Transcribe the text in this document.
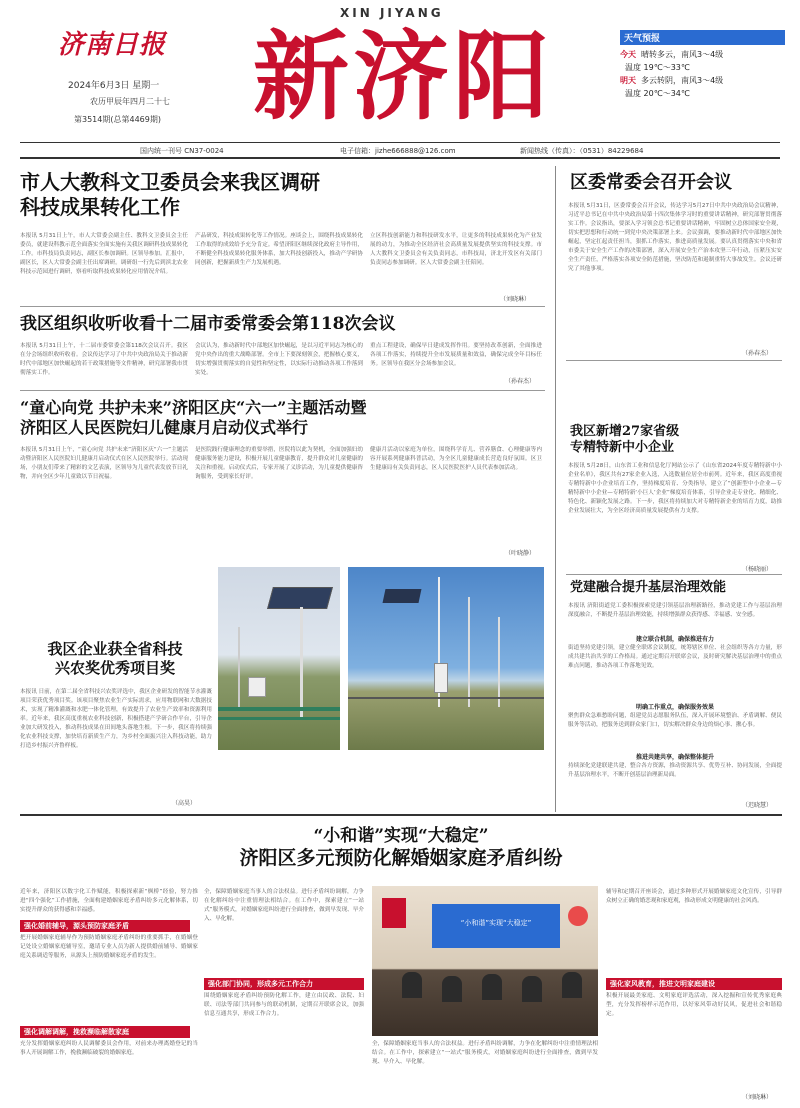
济南日报
2024年6月3日 星期一
农历甲辰年四月二十七
第3514期(总第4469期)
XIN JIYANG
新济阳	天气预报
今天 晴转多云，南风3～4级
温度 19℃～33℃
明天 多云转阴，南风3～4级
温度 20℃～34℃
国内统一刊号 CN37-0024	电子信箱：jizhe666888@126.com	新闻热线（传真）：（0531）84229684
市人大教科文卫委员会来我区调研
科技成果转化工作
本报讯 5月31日上午，市人大常委会副主任、教科文卫委员会主任委员，就建设科教示范全面落实全面实施有关我区调研科技成果转化工作。市科技局负责同志，副区长参加调研。区领导参加。汇报中，副区长，区人大常委会副主任出席调研。调研组一行先后到滨北农业科技示范园进行调研，察看听取科技成果转化应用情况介绍。
产品研发，科技成果转化等工作情况。座谈会上，围绕科技成果转化工作取得的成效给予充分肯定。希望济阳区继续深化政府主导作用，不断健全科技成果转化服务体系，加大科技创新投入，推动产学研协同创新，把握新质生产力发展机遇。
立区科技创新能力和科技研发水平，让更多的科技成果转化为产业发展的动力，为推动全区经济社会高质量发展提供坚实的科技支撑。市人大教科文卫委员会有关负责同志，市科技局，济北开发区有关部门负责同志参加调研。区人大常委会副主任陪同。
（刘晓琳）
我区组织收听收看十二届市委常委会第118次会议
本报讯 5月31日上午，十二届市委常委会第118次会议召开。我区在分会场组织收听收看。会议传达学习了中共中央政治局关于推动新时代中部地区加快崛起的若干政策措施等文件精神，研究部署我市贯彻落实工作。
会议认为，推动新时代中部地区加快崛起，是以习近平同志为核心的党中央作出的重大战略部署。全市上下要深刻领会，把握核心要义，切实增强贯彻落实的自觉性和坚定性，以实际行动推动各项工作落到实处。
重点工程建设，确保早日建成发挥作用。要坚持改革创新，全面推进各项工作落实，持续提升全市发展质量和效益，确保完成全年目标任务。区领导在我区分会场参加会议。
（孙春杰）
“童心向党 共护未来”济阳区庆“六一”主题活动暨
济阳区人民医院妇儿健康月启动仪式举行
本报讯 5月31日上午，“童心向党 共护未来”济阳区庆“六一”主题活动暨济阳区人民医院妇儿健康月启动仪式在区人民医院举行。活动现场，小朋友们带来了精彩的文艺表演，区领导为儿童代表发放节日礼物，并向全区少年儿童致以节日祝福。
是医院践行健康理念的重要举措，医院将以此为契机，全面加强妇幼健康服务能力建设，积极开展儿童健康教育，提升群众对儿童健康的关注和重视。启动仪式后，专家开展了义诊活动，为儿童提供健康咨询服务，受到家长好评。
健康月活动以家庭为单位，围绕科学育儿、营养膳食、心理健康等内容开展系列健康科普活动，为全区儿童健康成长营造良好氛围。区卫生健康局有关负责同志，区人民医院医护人员代表参加活动。
（叶晓静）
我区企业获全省科技
兴农奖优秀项目奖
本报讯 日前，在第二届全省科技兴农奖评选中，我区企业研发的智能节水灌溉项目荣获优秀项目奖。该项目聚焦农业生产实际需求，应用物联网和大数据技术，实现了精准灌溉和水肥一体化管理，有效提升了农业生产效率和资源利用率。近年来，我区高度重视农业科技创新，积极搭建产学研合作平台，引导企业加大研发投入，推动科技成果在田间地头落地生根。下一步，我区将持续强化农业科技支撑，加快培育新质生产力，为乡村全面振兴注入科技动能，助力打造乡村振兴齐鲁样板。
（高昊）
区委常委会召开会议
本报讯 5月31日，区委常委会召开会议，传达学习5月27日中共中央政治局会议精神，习近平总书记在中共中央政治局第十四次集体学习时的重要讲话精神，研究部署贯彻落实工作。会议指出，要深入学习领会总书记重要讲话精神，牢固树立总体国家安全观，切实把思想和行动统一到党中央决策部署上来。会议强调，要推动新时代中部地区加快崛起，坚定扛起责任担当，狠抓工作落实，推进高质量发展。要认真贯彻落实中央和省市委关于安全生产工作的决策部署，深入开展安全生产治本攻坚三年行动，压紧压实安全生产责任，严格落实各项安全防范措施，坚决防范和遏制重特大事故发生。会议还研究了其他事项。
（孙春杰）
我区新增27家省级
专精特新中小企业
本报讯 5月28日，山东省工业和信息化厅网站公示了《山东省2024年度专精特新中小企业名单》，我区共有27家企业入选，入选数量位居全市前列。近年来，我区高度重视专精特新中小企业培育工作，坚持梯度培育、分类指导，建立了“创新型中小企业—专精特新中小企业—专精特新‘小巨人’企业”梯度培育体系，引导企业走专业化、精细化、特色化、新颖化发展之路。下一步，我区将持续加大对专精特新企业的培育力度，助推企业发展壮大，为全区经济高质量发展提供有力支撑。
（杨晓丽）
党建融合提升基层治理效能
本报讯 济阳街道党工委积极探索党建引领基层治理新路径，推动党建工作与基层治理深度融合，不断提升基层治理效能，持续增强群众获得感、幸福感、安全感。
建立联合机制，确保推进有力
街道坚持党建引领，建立健全联席会议制度，统筹辖区单位、社会组织等各方力量，形成共建共治共享的工作格局。通过定期召开联席会议，及时研究解决基层治理中的重点难点问题，推动各项工作落地见效。
明确工作重点，确保服务效果
聚焦群众急难愁盼问题，组建党员志愿服务队伍，深入开展环境整治、矛盾调解、便民服务等活动，把服务送到群众家门口，切实解决群众身边的烦心事、揪心事。
推进共建共享，确保整体提升
持续深化党建联建共建，整合各方资源，推动资源共享、优势互补、协同发展，全面提升基层治理水平，不断开创基层治理新局面。
（迟晓慧）
“小和谐”实现“大稳定”
济阳区多元预防化解婚姻家庭矛盾纠纷
近年来，济阳区以数字化工作赋能，积极探索新“枫桥”经验，努力推进“四个强化”工作措施，全面构建婚姻家庭矛盾纠纷多元化解体系，切实提升群众的获得感和幸福感。
强化婚前辅导，源头预防家庭矛盾
把开展婚姻家庭辅导作为预防婚姻家庭矛盾纠纷的重要抓手，在婚姻登记处设立婚姻家庭辅导室，邀请专业人员为新人提供婚前辅导、婚姻家庭关系调适等服务，从源头上预防婚姻家庭矛盾的发生。
强化调解调解，挽救濒临解散家庭
充分发挥婚姻家庭纠纷人民调解委员会作用，对前来办理离婚登记的当事人开展调解工作，挽救濒临破裂的婚姻家庭。
全，保障婚姻家庭当事人的合法权益。进行矛盾纠纷调解，力争在化解纠纷中注重情理法相结合。在工作中，探索建立“一站式”服务模式，对婚姻家庭纠纷进行全面排查，做到早发现、早介入、早化解。
强化部门协同，形成多元工作合力
围绕婚姻家庭矛盾纠纷预防化解工作，建立由民政、法院、妇联、司法等部门共同参与的联动机制，定期召开联席会议，加强信息互通共享，形成工作合力。
“小和谐”实现“大稳定”
全，保障婚姻家庭当事人的合法权益。进行矛盾纠纷调解，力争在化解纠纷中注重情理法相结合。在工作中，探索建立“一站式”服务模式，对婚姻家庭纠纷进行全面排查，做到早发现、早介入、早化解。
辅导和定期召开座谈会，通过多种形式开展婚姻家庭文化宣传，引导群众树立正确的婚恋观和家庭观，推动形成文明健康的社会风尚。
强化家风教育，推进文明家庭建设
积极开展最美家庭、文明家庭评选活动，深入挖掘和宣传优秀家庭典型，充分发挥榜样示范作用，以好家风带动好民风，促进社会和谐稳定。
（刘晓琳）
